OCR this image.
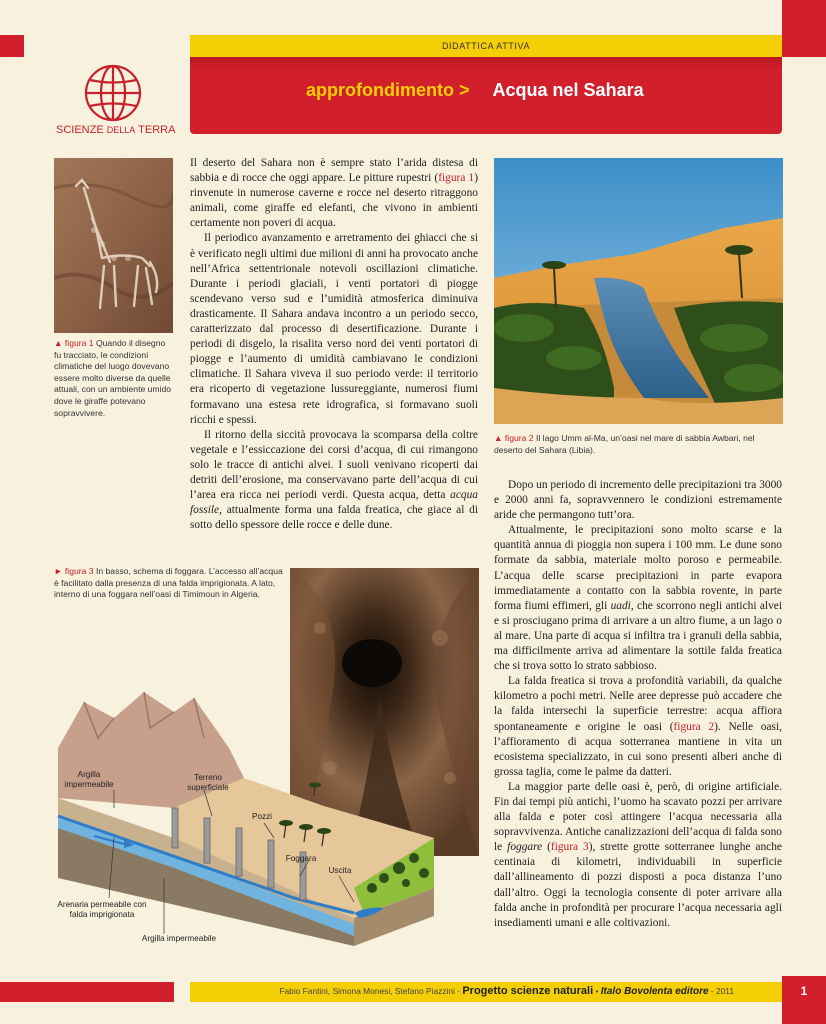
DIDATTICA ATTIVA
approfondimento > Acqua nel Sahara
SCIENZE DELLA TERRA
▲ figura 1 Quando il disegno fu tracciato, le condizioni climatiche del luogo dovevano essere molto diverse da quelle attuali, con un ambiente umido dove le giraffe potevano sopravvivere.

Il deserto del Sahara non è sempre stato l’arida distesa di sabbia e di rocce che oggi appare. Le pitture rupestri (figura 1) rinvenute in numerose caverne e rocce nel deserto ritraggono animali, come giraffe ed elefanti, che vivono in ambienti certamente non poveri di acqua.

Il periodico avanzamento e arretramento dei ghiacci che si è verificato negli ultimi due milioni di anni ha provocato anche nell’Africa settentrionale notevoli oscillazioni climatiche. Durante i periodi glaciali, i venti portatori di piogge scendevano verso sud e l’umidità atmosferica diminuiva drasticamente. Il Sahara andava incontro a un periodo secco, caratterizzato dal processo di desertificazione. Durante i periodi di disgelo, la risalita verso nord dei venti portatori di piogge e l’aumento di umidità cambiavano le condizioni climatiche. Il Sahara viveva il suo periodo verde: il territorio era ricoperto di vegetazione lussureggiante, numerosi fiumi formavano una estesa rete idrografica, si formavano suoli ricchi e spessi.

Il ritorno della siccità provocava la scomparsa della coltre vegetale e l’essiccazione dei corsi d’acqua, di cui rimangono solo le tracce di antichi alvei. I suoli venivano ricoperti dai detriti dell’erosione, ma conservavano parte dell’acqua di cui l’area era ricca nei periodi verdi. Questa acqua, detta acqua fossile, attualmente forma una falda freatica, che giace al di sotto dello spessore delle rocce e delle dune.

▲ figura 2 Il lago Umm al-Ma, un’oasi nel mare di sabbia Awbari, nel deserto del Sahara (Libia).

Dopo un periodo di incremento delle precipitazioni tra 3000 e 2000 anni fa, sopravvennero le condizioni estremamente aride che permangono tutt’ora.

Attualmente, le precipitazioni sono molto scarse e la quantità annua di pioggia non supera i 100 mm. Le dune sono formate da sabbia, materiale molto poroso e permeabile. L’acqua delle scarse precipitazioni in parte evapora immediatamente a contatto con la sabbia rovente, in parte forma fiumi effimeri, gli uadi, che scorrono negli antichi alvei e si prosciugano prima di arrivare a un altro fiume, a un lago o al mare. Una parte di acqua si infiltra tra i granuli della sabbia, ma difficilmente arriva ad alimentare la sottile falda freatica che si trova sotto lo strato sabbioso.

La falda freatica si trova a profondità variabili, da qualche kilometro a pochi metri. Nelle aree depresse può accadere che la falda intersechi la superficie terrestre: acqua affiora spontaneamente e origine le oasi (figura 2). Nelle oasi, l’affioramento di acqua sotterranea mantiene in vita un ecosistema specializzato, in cui sono presenti alberi anche di grossa taglia, come le palme da datteri.

La maggior parte delle oasi è, però, di origine artificiale. Fin dai tempi più antichi, l’uomo ha scavato pozzi per arrivare alla falda e poter così attingere l’acqua necessaria alla sopravvivenza. Antiche canalizzazioni dell’acqua di falda sono le foggare (figura 3), strette grotte sotterranee lunghe anche centinaia di kilometri, individuabili in superficie dall’allineamento di pozzi disposti a poca distanza l’uno dall’altro. Oggi la tecnologia consente di poter arrivare alla falda anche in profondità per procurare l’acqua necessaria agli insediamenti umani e alle coltivazioni.

► figura 3 In basso, schema di foggara. L’accesso all’acqua è facilitato dalla presenza di una falda imprigionata. A lato, interno di una foggara nell’oasi di Timimoun in Algeria.
Argilla impermeabile
Terreno superficiale
Pozzi
Foggara
Uscita
Arenaria permeabile con falda imprigionata
Argilla impermeabile
Fabio Fantini, Simona Monesi, Stefano Piazzini - Progetto scienze naturali • Italo Bovolenta editore - 2011	1
